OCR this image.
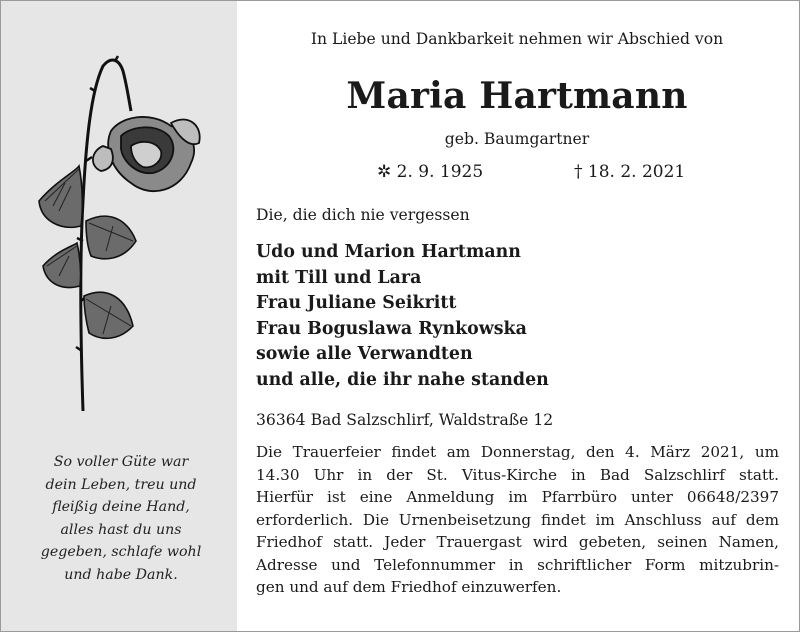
So voller Güte war
dein Leben, treu und
fleißig deine Hand,
alles hast du uns
gegeben, schlafe wohl
und habe Dank.
In Liebe und Dankbarkeit nehmen wir Abschied von
Maria Hartmann
geb. Baumgartner
✲ 2. 9. 1925	† 18. 2. 2021
Die, die dich nie vergessen
Udo und Marion Hartmann
mit Till und Lara
Frau Juliane Seikritt
Frau Boguslawa Rynkowska
sowie alle Verwandten
und alle, die ihr nahe standen
36364 Bad Salzschlirf, Waldstraße 12
Die Trauerfeier findet am Donnerstag, den 4. März 2021, um
14.30 Uhr in der St. Vitus-Kirche in Bad Salzschlirf statt.
Hierfür ist eine Anmeldung im Pfarrbüro unter 06648/2397
erforderlich. Die Urnenbeisetzung findet im Anschluss auf dem
Friedhof statt. Jeder Trauergast wird gebeten, seinen Namen,
Adresse und Telefonnummer in schriftlicher Form mitzubrin-
gen und auf dem Friedhof einzuwerfen.
